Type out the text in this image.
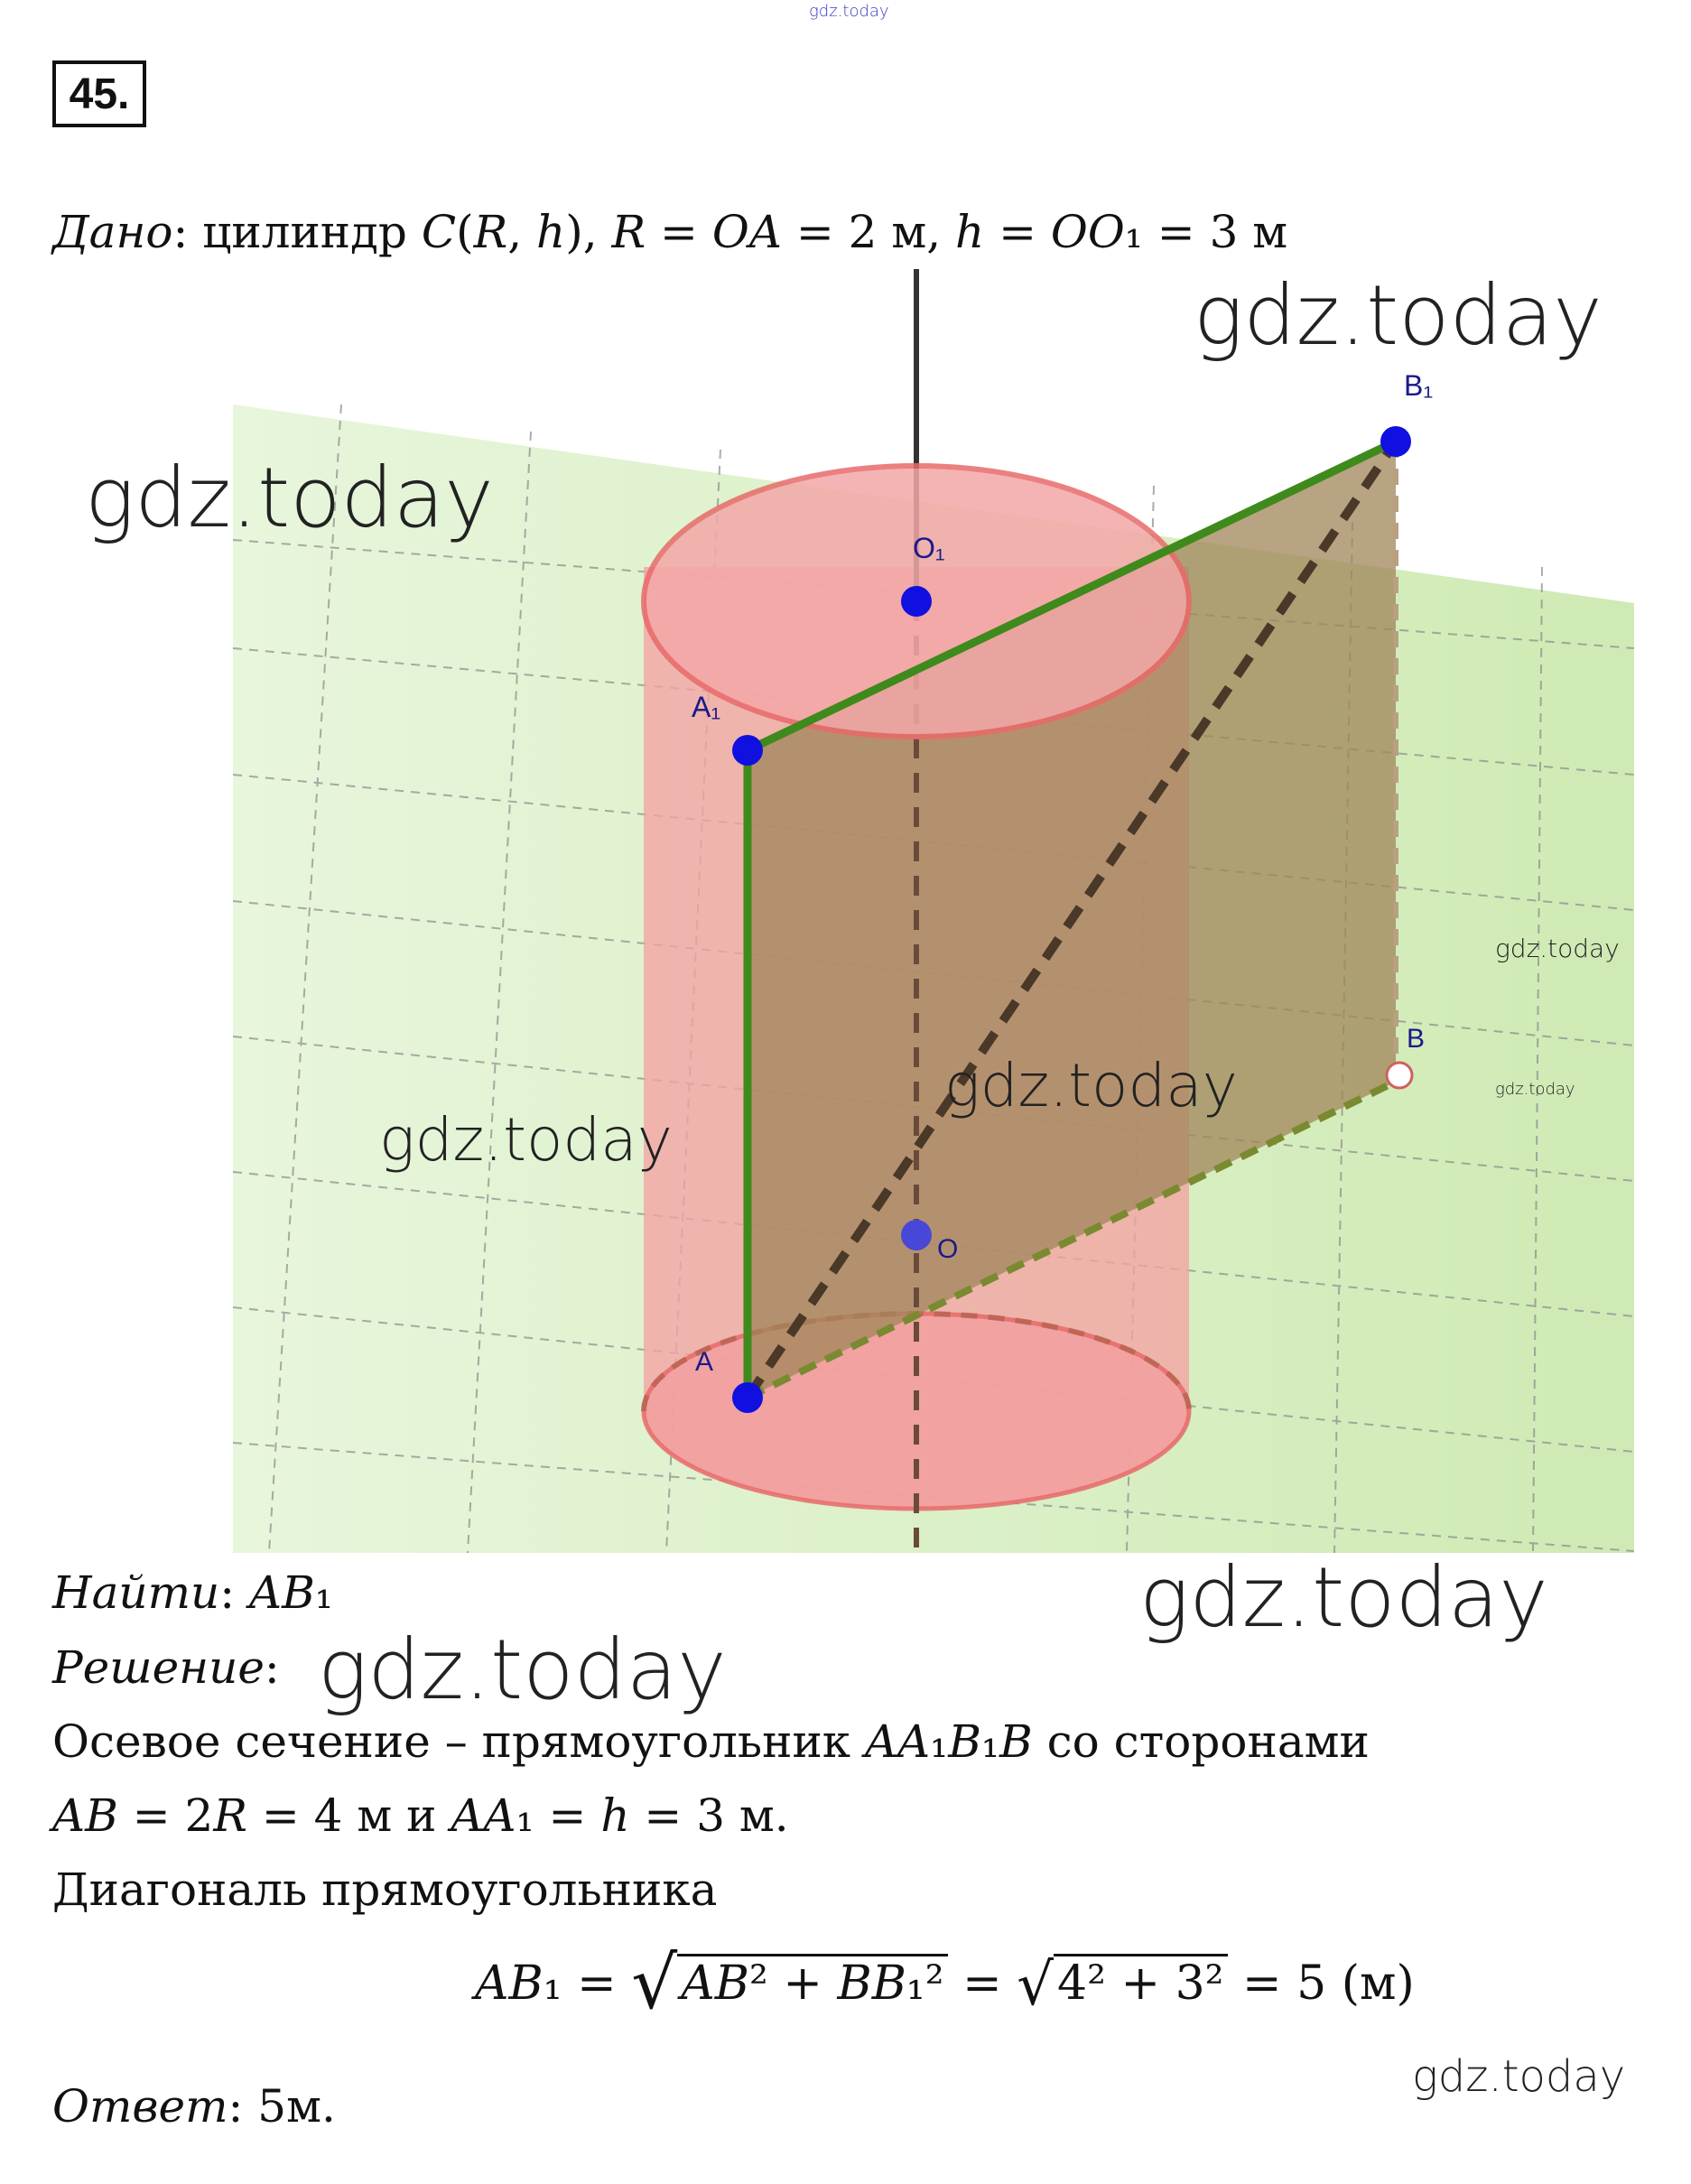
gdz.today
45.
Дано: цилиндр 𝐶(𝑅, ℎ), 𝑅 = 𝑂𝐴 = 2 м, ℎ = 𝑂𝑂₁ = 3 м
B₁
O₁
A₁
B
O
A
gdz.today
gdz.today
gdz.today
gdz.today	gdz.today
gdz.today
gdz.today
gdz.today
gdz.today
Найти: 𝐴𝐵₁
Решение:
Осевое сечение – прямоугольник 𝐴𝐴₁𝐵₁𝐵 со сторонами
𝐴𝐵 = 2𝑅 = 4 м и 𝐴𝐴₁ = ℎ = 3 м.
Диагональ прямоугольника
𝐴𝐵₁ = √𝐴𝐵² + 𝐵𝐵₁² = √4² + 3² = 5 (м)
Ответ: 5м.
